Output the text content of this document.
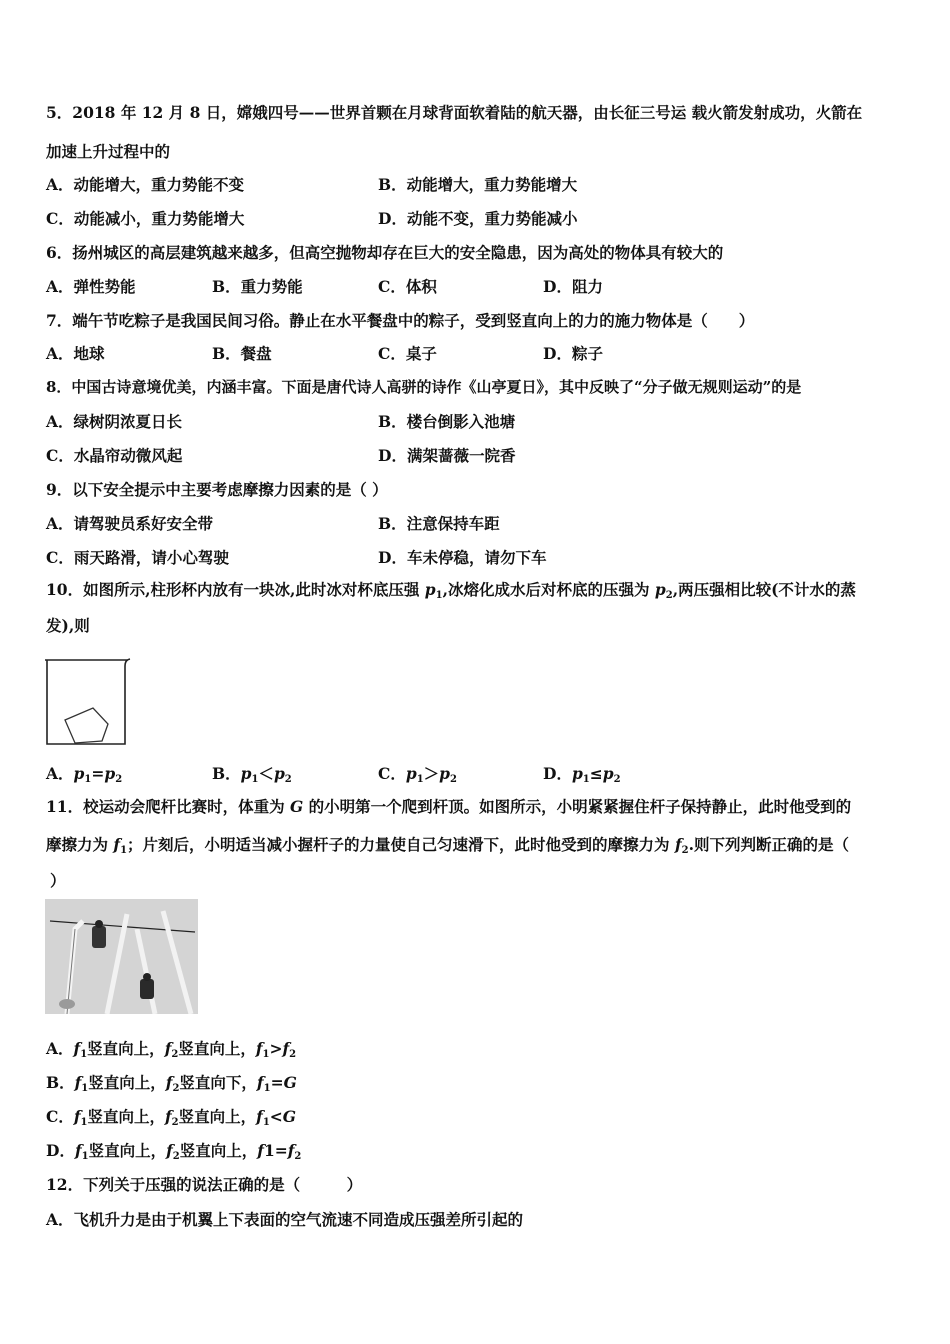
5．2018 年 12 月 8 日，嫦娥四号——世界首颗在月球背面软着陆的航天器，由长征三号运 载火箭发射成功，火箭在
加速上升过程中的
A．动能增大，重力势能不变	B．动能增大，重力势能增大
C．动能减小，重力势能增大	D．动能不变，重力势能减小
6．扬州城区的高层建筑越来越多，但高空抛物却存在巨大的安全隐患，因为高处的物体具有较大的
A．弹性势能	B．重力势能	C．体积	D．阻力
7．端午节吃粽子是我国民间习俗。静止在水平餐盘中的粽子，受到竖直向上的力的施力物体是（　　）
A．地球	B．餐盘	C．桌子	D．粽子
8．中国古诗意境优美，内涵丰富。下面是唐代诗人高骈的诗作《山亭夏日》，其中反映了“分子做无规则运动”的是
A．绿树阴浓夏日长	B．楼台倒影入池塘
C．水晶帘动微风起	D．满架蔷薇一院香
9．以下安全提示中主要考虑摩擦力因素的是（ ）
A．请驾驶员系好安全带	B．注意保持车距
C．雨天路滑，请小心驾驶	D．车未停稳，请勿下车
10．如图所示,柱形杯内放有一块冰,此时冰对杯底压强 $p_1$,冰熔化成水后对杯底的压强为 $p_2$,两压强相比较(不计水的蒸
发),则
A．$p_1=p_2$	B．$p_1<p_2$	C．$p_1>p_2$	D．$p_1\le p_2$
11．校运动会爬杆比赛时，体重为 G 的小明第一个爬到杆顶。如图所示，小明紧紧握住杆子保持静止，此时他受到的
摩擦力为 $f_1$；片刻后，小明适当减小握杆子的力量使自己匀速滑下，此时他受到的摩擦力为 $f_2$.则下列判断正确的是（
）
A．$f_1$竖直向上，$f_2$竖直向上，$f_1>f_2$
B．$f_1$竖直向上，$f_2$竖直向下，$f_1=G$
C．$f_1$竖直向上，$f_2$竖直向上，$f_1<G$
D．$f_1$竖直向上，$f_2$竖直向上，$f1=f_2$
12．下列关于压强的说法正确的是（　　　）
A．飞机升力是由于机翼上下表面的空气流速不同造成压强差所引起的
